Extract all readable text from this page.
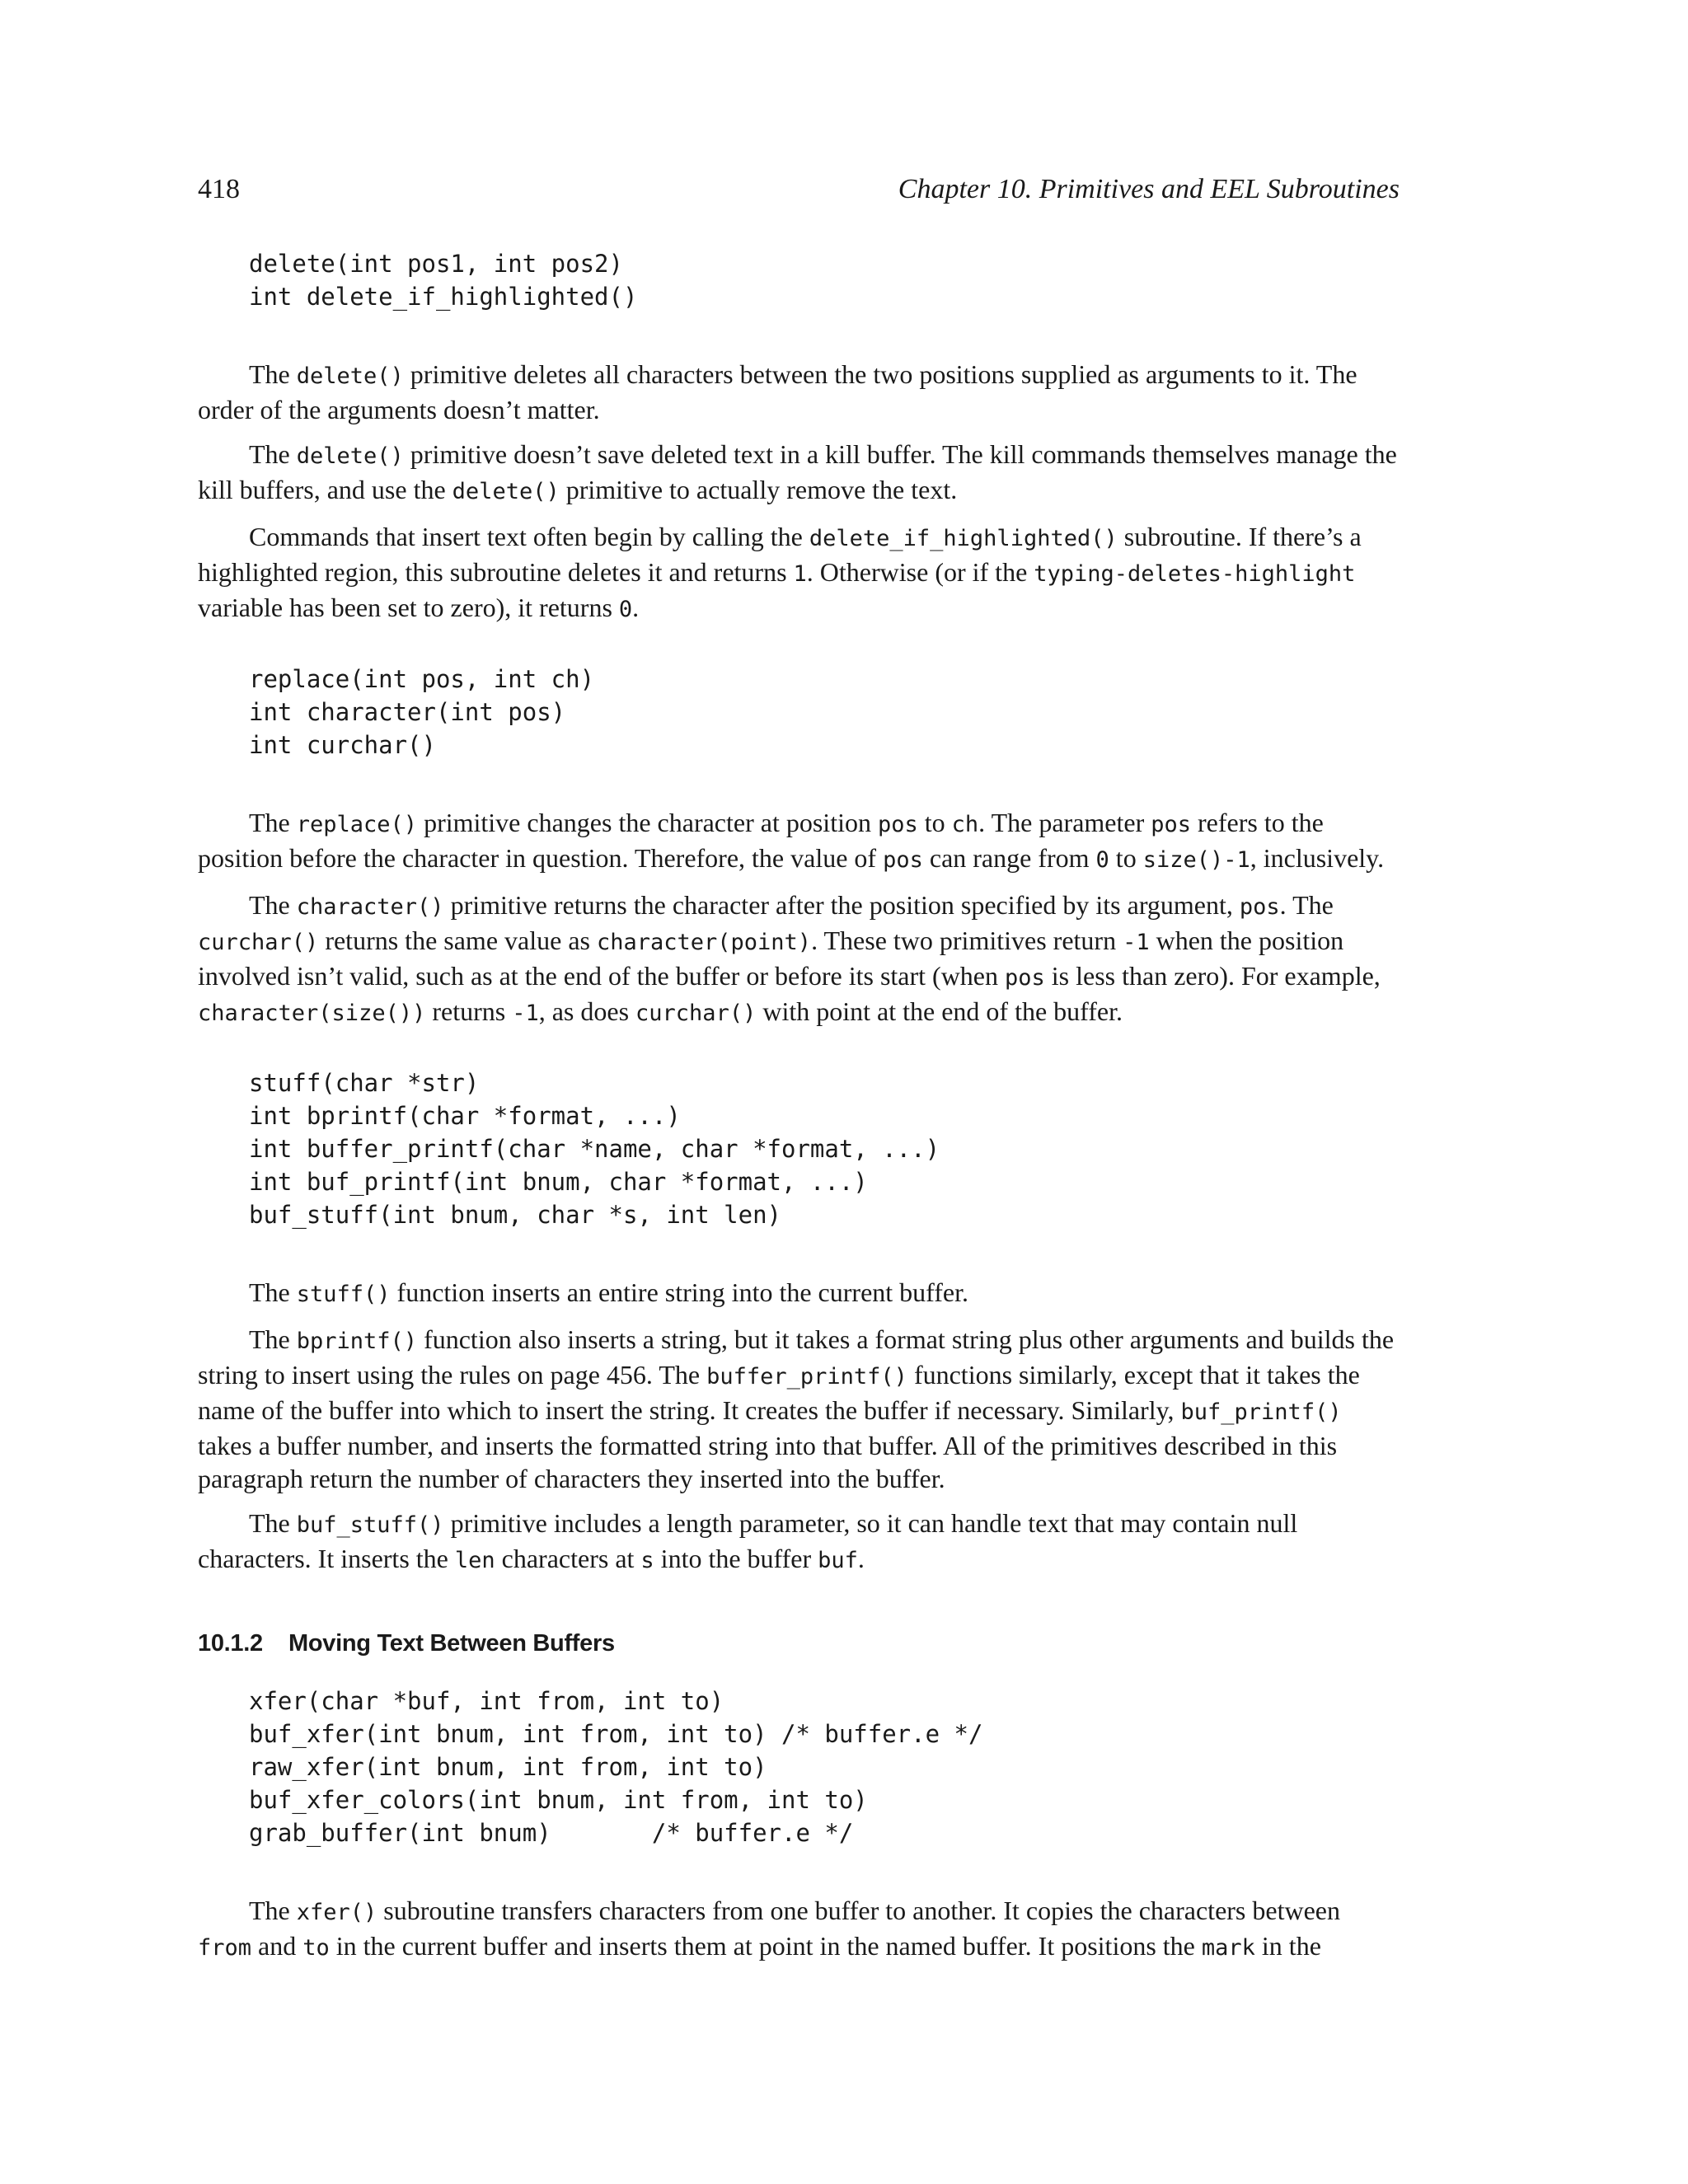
418	Chapter 10. Primitives and EEL Subroutines
delete(int pos1, int pos2)
int delete_if_highlighted()

The delete() primitive deletes all characters between the two positions supplied as arguments to it. The order of the arguments doesn’t matter.

The delete() primitive doesn’t save deleted text in a kill buffer. The kill commands themselves manage the kill buffers, and use the delete() primitive to actually remove the text.

Commands that insert text often begin by calling the delete_if_highlighted() subroutine. If there’s a highlighted region, this subroutine deletes it and returns 1. Otherwise (or if the typing-deletes-highlight variable has been set to zero), it returns 0.

replace(int pos, int ch)
int character(int pos)
int curchar()

The replace() primitive changes the character at position pos to ch. The parameter pos refers to the position before the character in question. Therefore, the value of pos can range from 0 to size()-1, inclusively.

The character() primitive returns the character after the position specified by its argument, pos. The curchar() returns the same value as character(point). These two primitives return -1 when the position involved isn’t valid, such as at the end of the buffer or before its start (when pos is less than zero). For example, character(size()) returns -1, as does curchar() with point at the end of the buffer.

stuff(char *str)
int bprintf(char *format, ...)
int buffer_printf(char *name, char *format, ...)
int buf_printf(int bnum, char *format, ...)
buf_stuff(int bnum, char *s, int len)

The stuff() function inserts an entire string into the current buffer.

The bprintf() function also inserts a string, but it takes a format string plus other arguments and builds the string to insert using the rules on page 456. The buffer_printf() functions similarly, except that it takes the name of the buffer into which to insert the string. It creates the buffer if necessary. Similarly, buf_printf() takes a buffer number, and inserts the formatted string into that buffer. All of the primitives described in this paragraph return the number of characters they inserted into the buffer.

The buf_stuff() primitive includes a length parameter, so it can handle text that may contain null characters. It inserts the len characters at s into the buffer buf.

10.1.2 Moving Text Between Buffers
xfer(char *buf, int from, int to)
buf_xfer(int bnum, int from, int to) /* buffer.e */
raw_xfer(int bnum, int from, int to)
buf_xfer_colors(int bnum, int from, int to)
grab_buffer(int bnum)       /* buffer.e */

The xfer() subroutine transfers characters from one buffer to another. It copies the characters between from and to in the current buffer and inserts them at point in the named buffer. It positions the mark in the
